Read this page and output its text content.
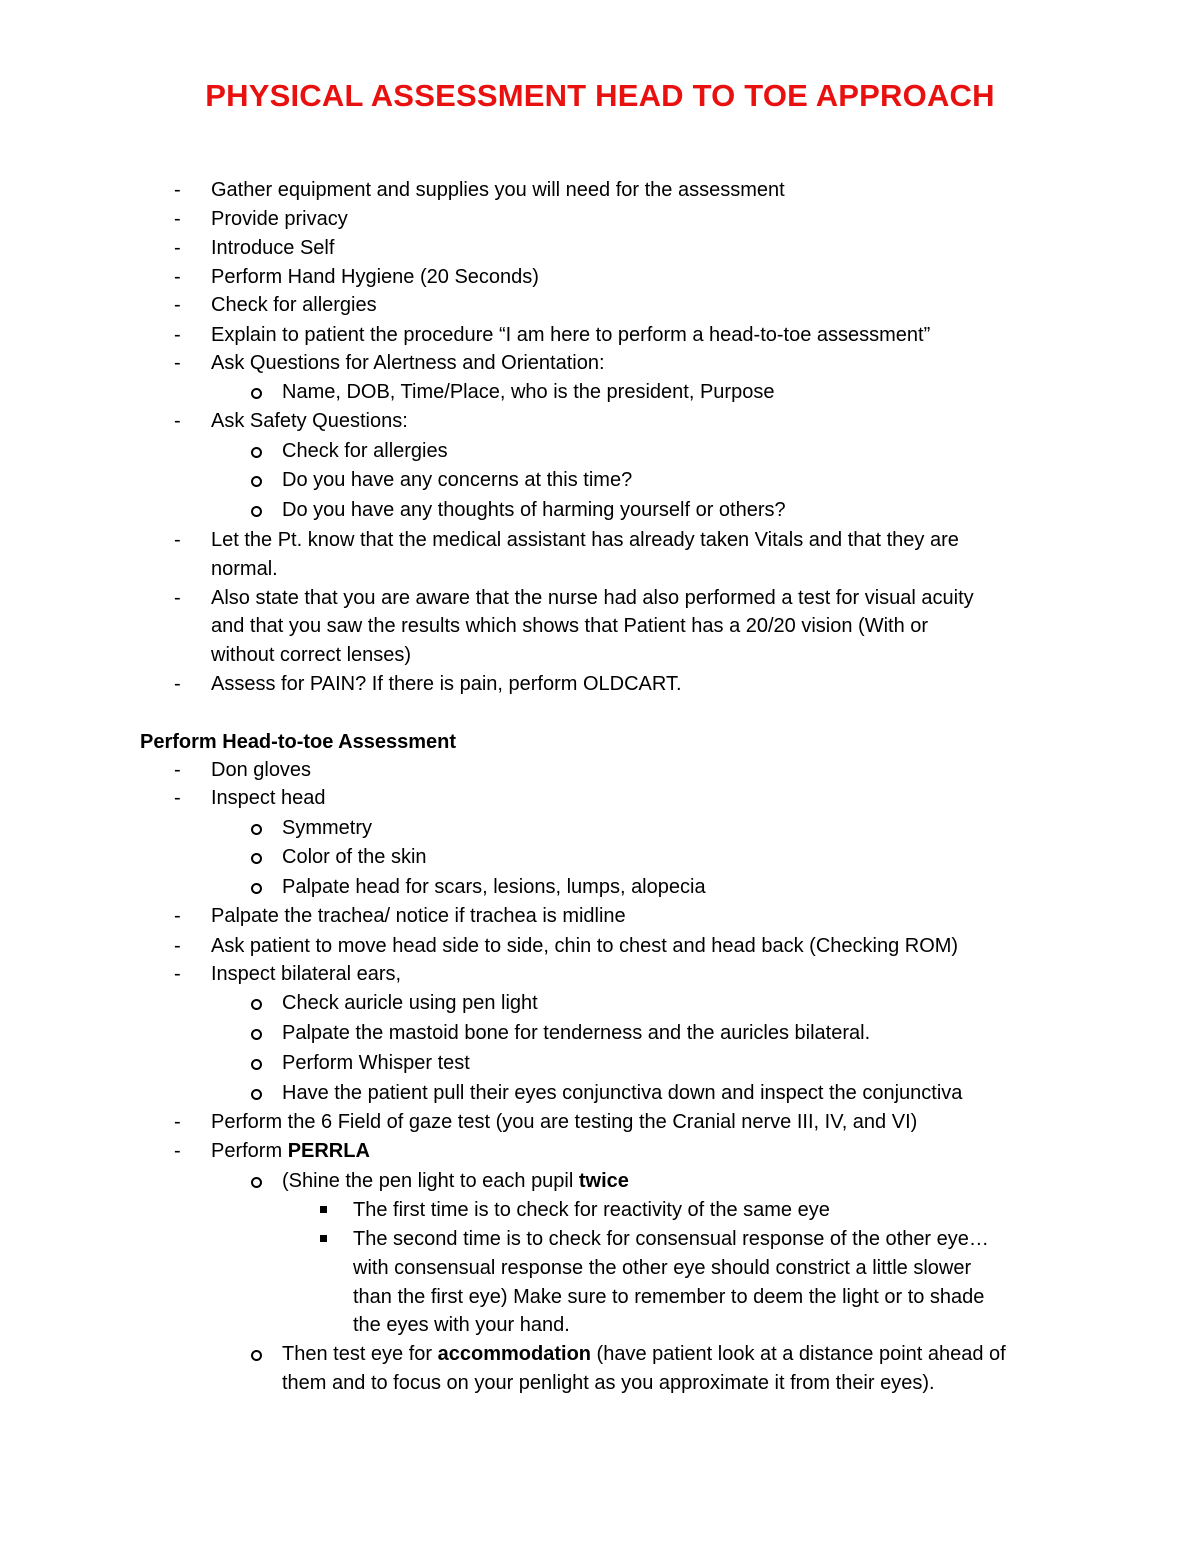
PHYSICAL ASSESSMENT HEAD TO TOE APPROACH
- Gather equipment and supplies you will need for the assessment
- Provide privacy
- Introduce Self
- Perform Hand Hygiene (20 Seconds)
- Check for allergies
- Explain to patient the procedure “I am here to perform a head-to-toe assessment”
- Ask Questions for Alertness and Orientation:
Name, DOB, Time/Place, who is the president, Purpose
- Ask Safety Questions:
Check for allergies
Do you have any concerns at this time?
Do you have any thoughts of harming yourself or others?
- Let the Pt. know that the medical assistant has already taken Vitals and that they are
normal.
- Also state that you are aware that the nurse had also performed a test for visual acuity
and that you saw the results which shows that Patient has a 20/20 vision (With or
without correct lenses)
- Assess for PAIN? If there is pain, perform OLDCART.
Perform Head-to-toe Assessment
- Don gloves
- Inspect head
Symmetry
Color of the skin
Palpate head for scars, lesions, lumps, alopecia
- Palpate the trachea/ notice if trachea is midline
- Ask patient to move head side to side, chin to chest and head back (Checking ROM)
- Inspect bilateral ears,
Check auricle using pen light
Palpate the mastoid bone for tenderness and the auricles bilateral.
Perform Whisper test
Have the patient pull their eyes conjunctiva down and inspect the conjunctiva
- Perform the 6 Field of gaze test (you are testing the Cranial nerve III, IV, and VI)
- Perform PERRLA
(Shine the pen light to each pupil twice
The first time is to check for reactivity of the same eye
The second time is to check for consensual response of the other eye…
with consensual response the other eye should constrict a little slower
than the first eye) Make sure to remember to deem the light or to shade
the eyes with your hand.
Then test eye for accommodation (have patient look at a distance point ahead of
them and to focus on your penlight as you approximate it from their eyes).
